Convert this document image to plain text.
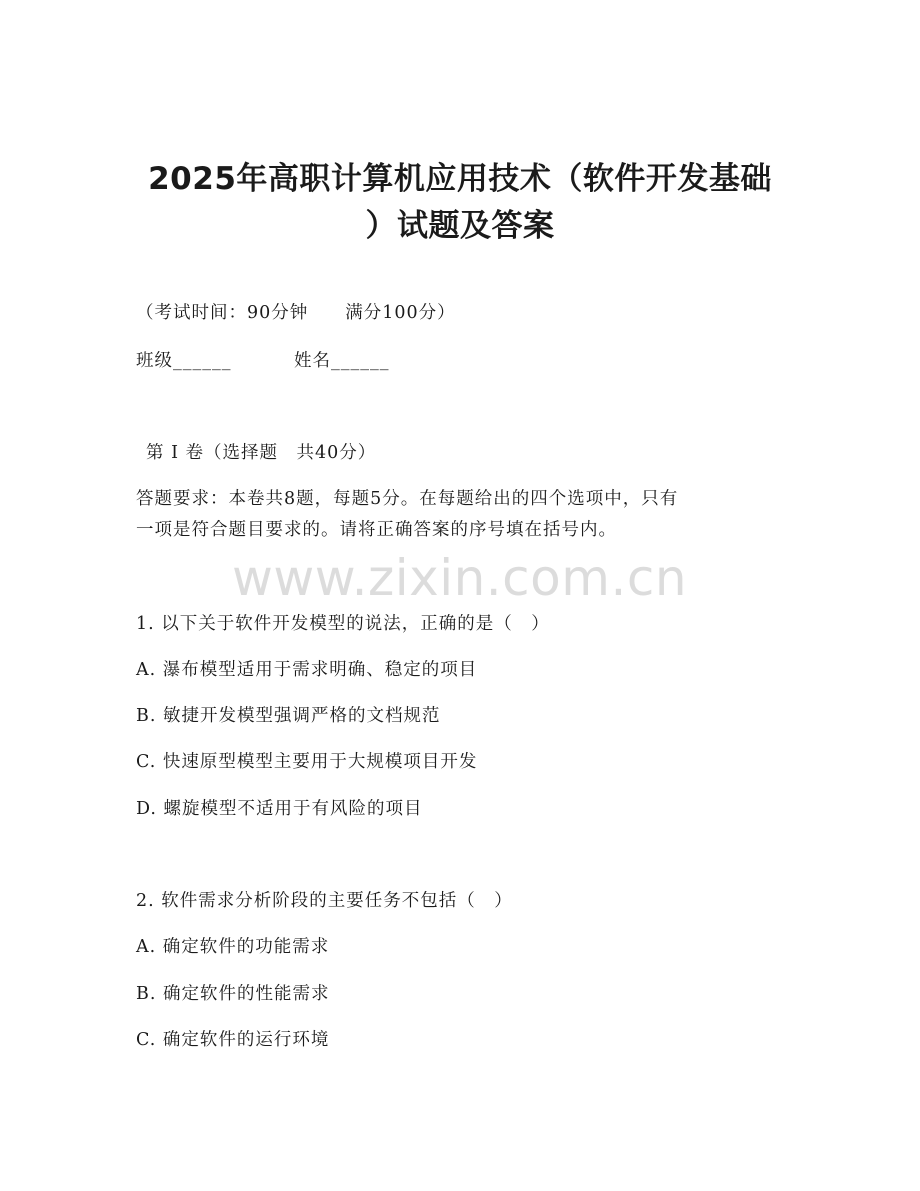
2025年高职计算机应用技术（软件开发基础
）试题及答案
（考试时间：90分钟　　满分100分）
班级______	姓名______
第 I 卷（选择题　共40分）
答题要求：本卷共8题，每题5分。在每题给出的四个选项中，只有
一项是符合题目要求的。请将正确答案的序号填在括号内。
www.zixin.com.cn
1. 以下关于软件开发模型的说法，正确的是（　）
A. 瀑布模型适用于需求明确、稳定的项目
B. 敏捷开发模型强调严格的文档规范
C. 快速原型模型主要用于大规模项目开发
D. 螺旋模型不适用于有风险的项目
2. 软件需求分析阶段的主要任务不包括（　）
A. 确定软件的功能需求
B. 确定软件的性能需求
C. 确定软件的运行环境
